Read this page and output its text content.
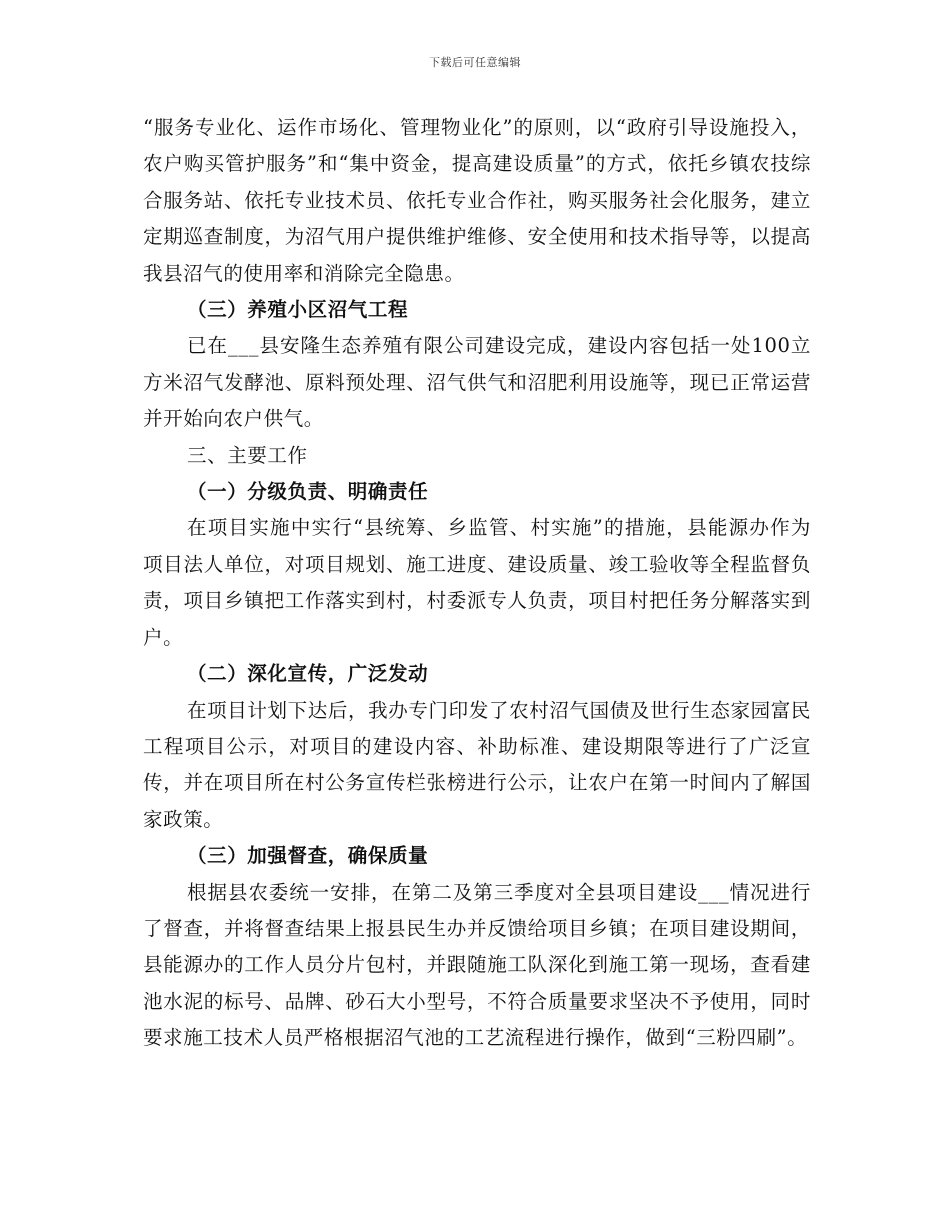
下载后可任意编辑

“服务专业化、运作市场化、管理物业化”的原则，以“政府引导设施投入，农户购买管护服务”和“集中资金，提高建设质量”的方式，依托乡镇农技综合服务站、依托专业技术员、依托专业合作社，购买服务社会化服务，建立定期巡查制度，为沼气用户提供维护维修、安全使用和技术指导等，以提高我县沼气的使用率和消除完全隐患。

（三）养殖小区沼气工程

已在___县安隆生态养殖有限公司建设完成，建设内容包括一处100立方米沼气发酵池、原料预处理、沼气供气和沼肥利用设施等，现已正常运营并开始向农户供气。

三、主要工作

（一）分级负责、明确责任

在项目实施中实行“县统筹、乡监管、村实施”的措施，县能源办作为项目法人单位，对项目规划、施工进度、建设质量、竣工验收等全程监督负责，项目乡镇把工作落实到村，村委派专人负责，项目村把任务分解落实到户。

（二）深化宣传，广泛发动

在项目计划下达后，我办专门印发了农村沼气国债及世行生态家园富民工程项目公示，对项目的建设内容、补助标准、建设期限等进行了广泛宣传，并在项目所在村公务宣传栏张榜进行公示，让农户在第一时间内了解国家政策。

（三）加强督查，确保质量

根据县农委统一安排，在第二及第三季度对全县项目建设___情况进行了督查，并将督查结果上报县民生办并反馈给项目乡镇；在项目建设期间，县能源办的工作人员分片包村，并跟随施工队深化到施工第一现场，查看建池水泥的标号、品牌、砂石大小型号，不符合质量要求坚决不予使用，同时要求施工技术人员严格根据沼气池的工艺流程进行操作，做到“三粉四刷”。
